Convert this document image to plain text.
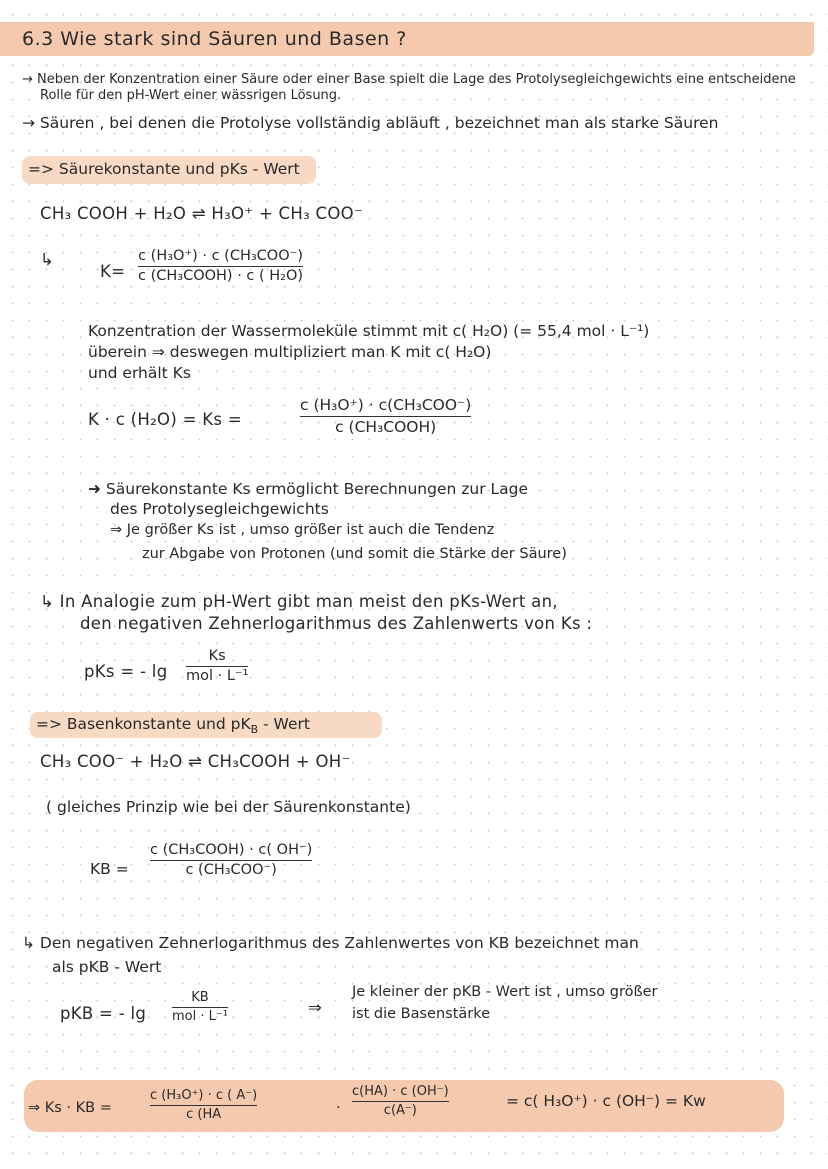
6.3 Wie stark sind Säuren und Basen ?
→ Neben der Konzentration einer Säure oder einer Base spielt die Lage des Protolysegleichgewichts eine entscheidene
Rolle für den pH-Wert einer wässrigen Lösung.
→ Säuren , bei denen die Protolyse vollständig abläuft , bezeichnet man als starke Säuren
=> Säurekonstante und pKs - Wert
CH₃ COOH + H₂O ⇌ H₃O⁺ + CH₃ COO⁻
↳
K=
c (H₃O⁺) · c (CH₃COO⁻)
c (CH₃COOH) · c ( H₂O)
Konzentration der Wassermoleküle stimmt mit c( H₂O) (= 55,4 mol · L⁻¹)
überein ⇒ deswegen multipliziert man K mit c( H₂O)
und erhält Ks
K · c (H₂O) = Ks =
c (H₃O⁺) · c(CH₃COO⁻)
c (CH₃COOH)
➜ Säurekonstante Ks ermöglicht Berechnungen zur Lage
des Protolysegleichgewichts
⇒ Je größer Ks ist , umso größer ist auch die Tendenz
zur Abgabe von Protonen (und somit die Stärke der Säure)
↳ In Analogie zum pH-Wert gibt man meist den pKs-Wert an,
den negativen Zehnerlogarithmus des Zahlenwerts von Ks :
pKs = - lg
Ks
mol · L⁻¹
=> Basenkonstante und $pK_B$ - Wert
CH₃ COO⁻ + H₂O ⇌ CH₃COOH + OH⁻
( gleiches Prinzip wie bei der Säurenkonstante)
KB =
c (CH₃COOH) · c( OH⁻)
c (CH₃COO⁻)
↳ Den negativen Zehnerlogarithmus des Zahlenwertes von KB bezeichnet man
als pKB - Wert
pKB = - lg
KB
mol · L⁻¹	⇒
Je kleiner der pKB - Wert ist , umso größer
ist die Basenstärke
⇒ Ks · KB =
c (H₃O⁺) · c ( A⁻)
c (HA	·
c(HA) · c (OH⁻)
c(A⁻)
= c( H₃O⁺) · c (OH⁻) = Kw
